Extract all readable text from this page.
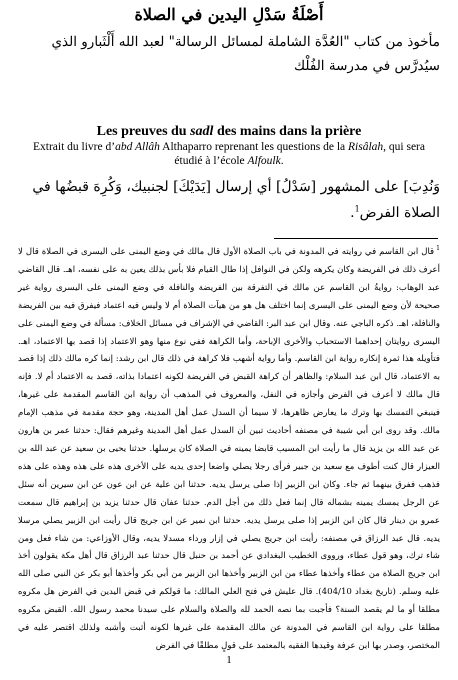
أَصْلَةُ سَدْلِ اليدين في الصلاة
مأخوذ من كتاب "العُدَّة الشاملة لمسائل الرسالة" لعبد الله أَلْثَبارو الذي سيُدرَّس في مدرسة الفُلْك
Les preuves du sadl des mains dans la prière
Extrait du livre d’abd Allâh Althaparro reprenant les questions de la Risâlah, qui sera étudié à l’école Alfoulk.
وَنُدِبَ] على المشهور [سَدْلُ] أي إرسال [يَدَيْكَ] لجنبيك، وَكُرِهَ قبضُها في الصلاة الفرض$^1$.
$^1$قال ابن القاسم في روايته في المدونة في باب الصلاة الأول قال مالك في وضع اليمنى على اليسرى في الصلاة قال لا أعرف ذلك في الفريضة وكان يكرهه ولكن في النوافل إذا طال القيام فلا بأس بذلك يعين به على نفسه، اهـ. قال القاضي عبد الوهاب: روايةُ ابن القاسم عن مالك في التفرقة بين الفريضة والنافلة في وضع اليمنى على اليسرى رواية غير صحيحة لأن وضع اليمنى على اليسرى إنما اختلف هل هو من هيآت الصلاة أم لا وليس فيه اعتماد فيفرق فيه بين الفريضة والنافلة، اهـ. ذكره الباجي عنه. وقال ابن عبد البر: القاضي في الإشراف في مسائل الخلاف: مسألة في وضع اليمنى على اليسرى روايتان إحداهما الاستحباب والأخرى الإباحة، وأما الكراهة ففي نوع منها وهو الاعتماد إذا قصد بها الاعتماد، اهـ. فتأويله هذا ثمرة إنكاره رواية ابن القاسم. وأما رواية أشهب فلا كراهة في ذلك قال ابن رشد: إنما كره مالك ذلك إذا قصد به الاعتماد، قال ابن عبد السلام: والظاهر أن كراهة القبض في الفريضة لكونه اعتمادا بذاته، قصد به الاعتماد أم لا. فإنه قال مالك لا أعرف في الفرض وأجازه في النفل، والمعروف في المذهب أن رواية ابن القاسم المقدمة على غيرها، فينبغي التمسك بها وترك ما يعارض ظاهرها، لا سيما أن السدل عمل أهل المدينة، وهو حجة مقدمة في مذهب الإمام مالك. وقد روى ابن أبي شيبة في مصنفه أحاديث تبين أن السدل عمل أهل المدينة وغيرهم فقال: حدثنا عمر بن هارون عن عبد الله بن يزيد قال ما رأيت ابن المسيب قابضا يمينه في الصلاة كان يرسلها. حدثنا يحيى بن سعيد عن عبد الله بن العيزار قال كنت أطوف مع سعيد بن جبير فرأى رجلا يصلي واضعا إحدى يديه على الأخرى هذه على هذه وهذه على هذه فذهب ففرق بينهما ثم جاء. وكان ابن الزبير إذا صلى يرسل يديه. حدثنا ابن علية عن ابن عون عن ابن سيرين أنه سئل عن الرجل يمسك يمينه بشماله قال إنما فعل ذلك من أجل الدم. حدثنا عفان قال حدثنا يزيد بن إبراهيم قال سمعت عمرو بن دينار قال كان ابن الزبير إذا صلى يرسل يديه. حدثنا ابن نمير عن ابن جريج قال رأيت ابن الزبير يصلي مرسلا يديه. قال عبد الرزاق في مصنفه: رأيت ابن جريج يصلي في إزار ورداء مسدلا يديه، وقال الأوزاعي: من شاء فعل ومن شاء ترك، وهو قول عطاء، ورووى الخطيب البغدادي عن أحمد بن حنبل قال حدثنا عبد الرزاق قال أهل مكة يقولون أخذ ابن جريج الصلاة من عطاء وأخذها عطاء من ابن الزبير وأخذها ابن الزبير من أبي بكر وأخذها أبو بكر عن النبي صلى الله عليه وسلم. (تاريخ بغداد 404/10). قال عليش في فتح العلي المالك: ما قولكم في قبض اليدين في الفرض هل مكروه مطلقا أو ما لم يقصد السنة؟ فأجبت بما نصه الحمد لله والصلاة والسلام على سيدنا محمد رسول الله. القبض مكروه مطلقا على رواية ابن القاسم في المدونة عن مالك المقدمة على غيرها لكونه أثبت وأشبه ولذلك اقتصر عليه في المختصر، وصدر بها ابن عرفة وقيدها الفقيه بالمعتمد على قولٍ مطلقًا في الفرض
1
